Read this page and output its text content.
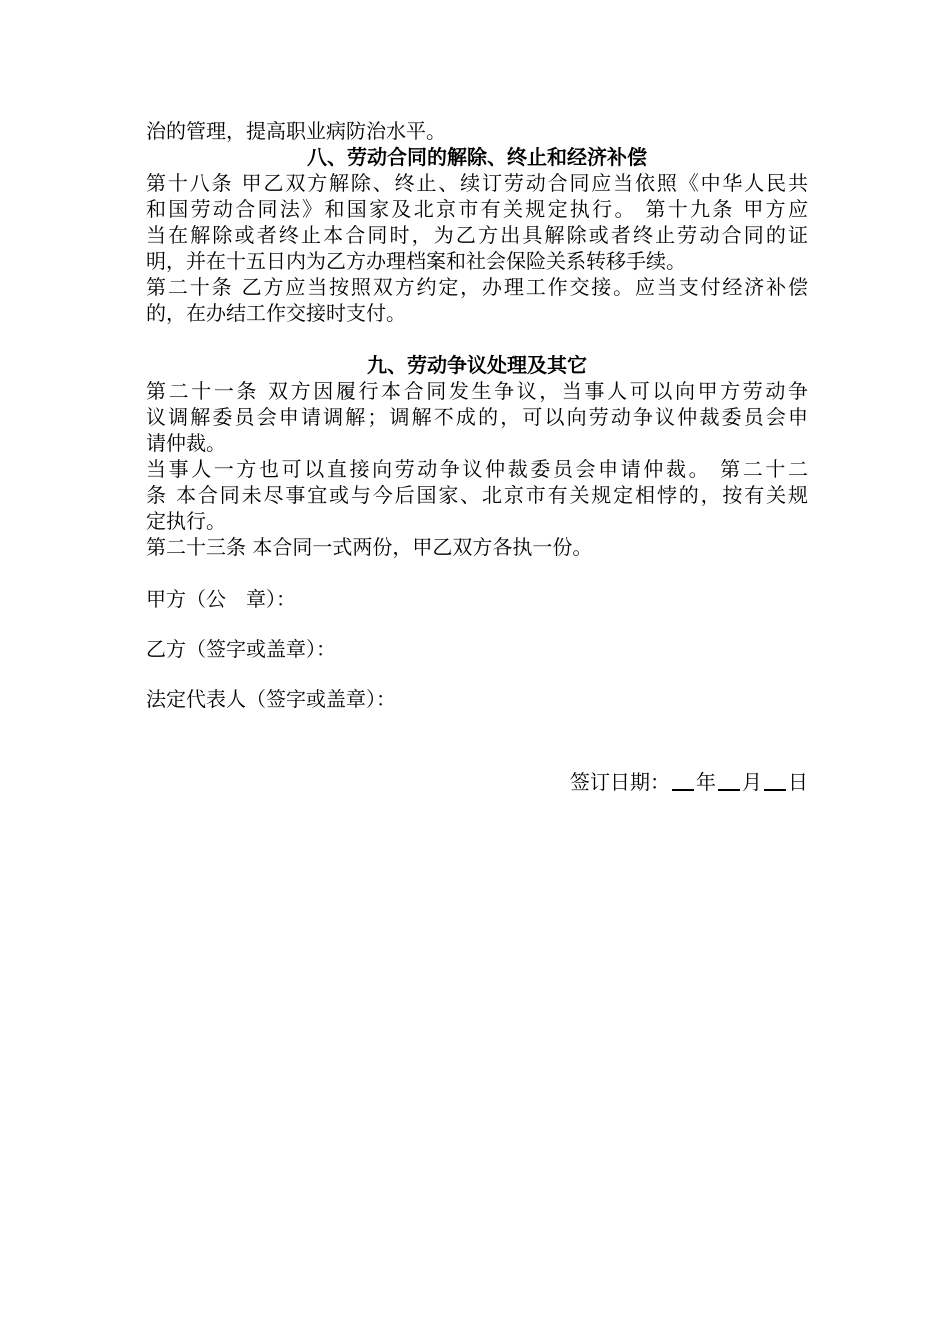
治的管理，提高职业病防治水平。
八、劳动合同的解除、终止和经济补偿
第十八条 甲乙双方解除、终止、续订劳动合同应当依照《中华人民共
和国劳动合同法》和国家及北京市有关规定执行。 第十九条 甲方应
当在解除或者终止本合同时，为乙方出具解除或者终止劳动合同的证
明，并在十五日内为乙方办理档案和社会保险关系转移手续。
第二十条 乙方应当按照双方约定，办理工作交接。应当支付经济补偿
的，在办结工作交接时支付。
九、劳动争议处理及其它
第二十一条 双方因履行本合同发生争议，当事人可以向甲方劳动争
议调解委员会申请调解；调解不成的，可以向劳动争议仲裁委员会申
请仲裁。
当事人一方也可以直接向劳动争议仲裁委员会申请仲裁。 第二十二
条 本合同未尽事宜或与今后国家、北京市有关规定相悖的，按有关规
定执行。
第二十三条 本合同一式两份，甲乙双方各执一份。
甲方（公　章）：
乙方（签字或盖章）：
法定代表人（签字或盖章）：
签订日期： 年 月 日
